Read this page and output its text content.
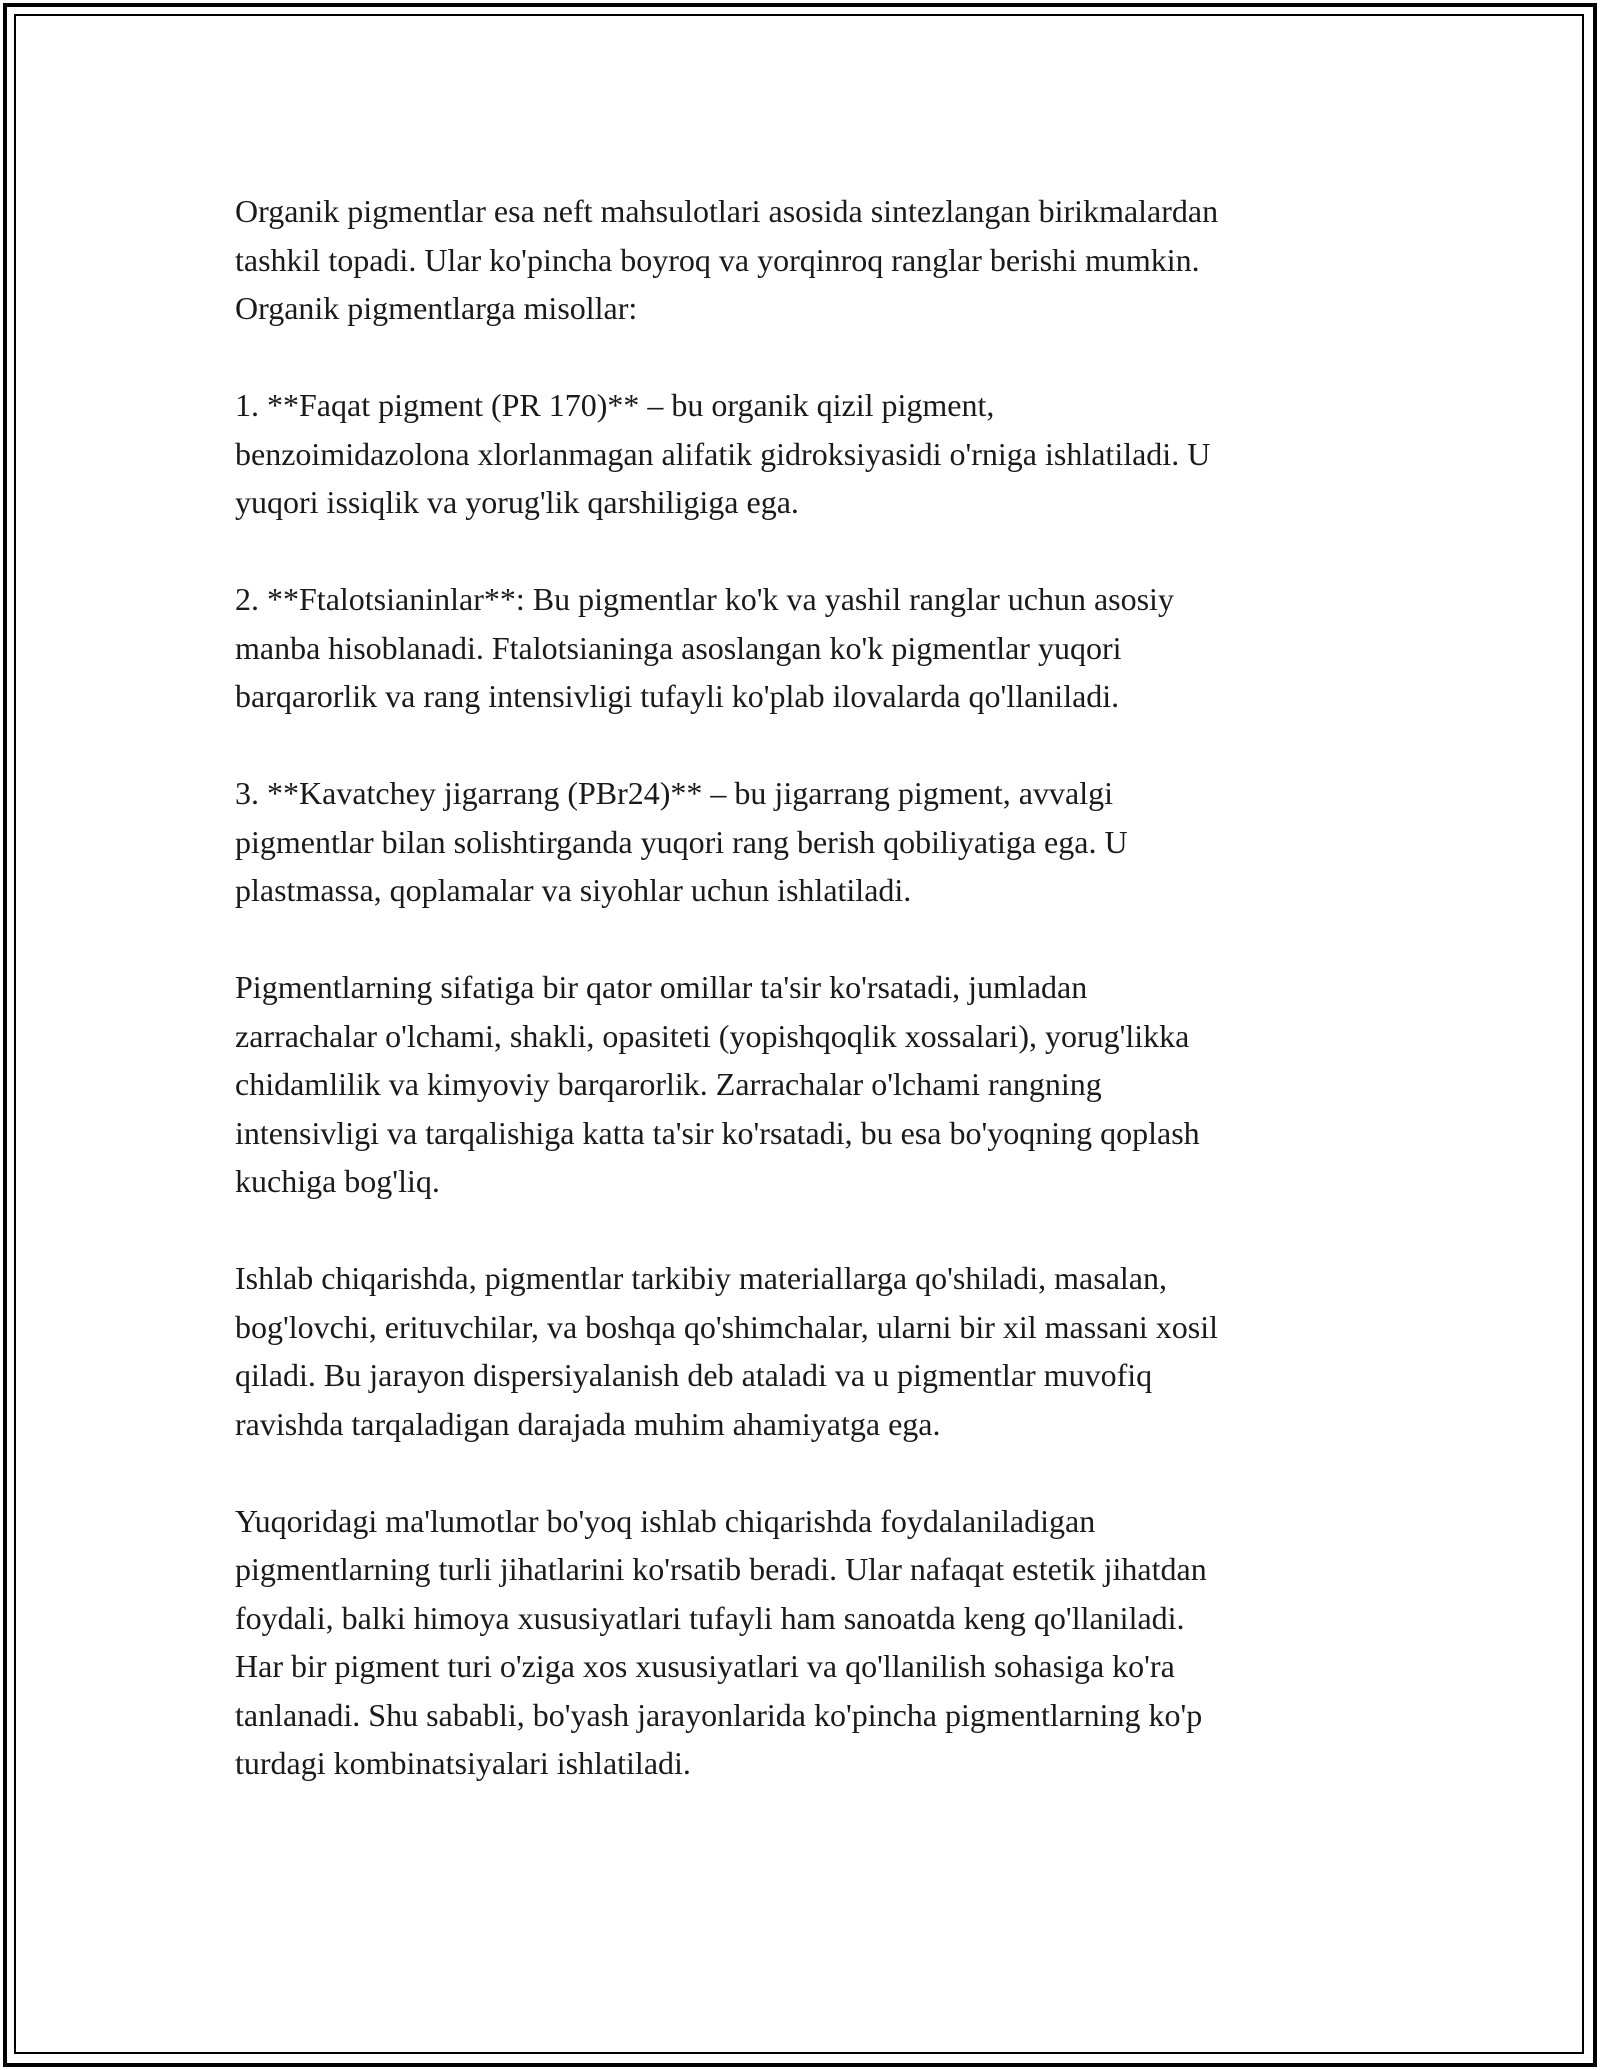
Organik pigmentlar esa neft mahsulotlari asosida sintezlangan birikmalardan
tashkil topadi. Ular ko'pincha boyroq va yorqinroq ranglar berishi mumkin.
Organik pigmentlarga misollar:

1. **Faqat pigment (PR 170)** – bu organik qizil pigment,
benzoimidazolona xlorlanmagan alifatik gidroksiyasidi o'rniga ishlatiladi. U
yuqori issiqlik va yorug'lik qarshiligiga ega.

2. **Ftalotsianinlar**: Bu pigmentlar ko'k va yashil ranglar uchun asosiy
manba hisoblanadi. Ftalotsianinga asoslangan ko'k pigmentlar yuqori
barqarorlik va rang intensivligi tufayli ko'plab ilovalarda qo'llaniladi.

3. **Kavatchey jigarrang (PBr24)** – bu jigarrang pigment, avvalgi
pigmentlar bilan solishtirganda yuqori rang berish qobiliyatiga ega. U
plastmassa, qoplamalar va siyohlar uchun ishlatiladi.

Pigmentlarning sifatiga bir qator omillar ta'sir ko'rsatadi, jumladan
zarrachalar o'lchami, shakli, opasiteti (yopishqoqlik xossalari), yorug'likka
chidamlilik va kimyoviy barqarorlik. Zarrachalar o'lchami rangning
intensivligi va tarqalishiga katta ta'sir ko'rsatadi, bu esa bo'yoqning qoplash
kuchiga bog'liq.

Ishlab chiqarishda, pigmentlar tarkibiy materiallarga qo'shiladi, masalan,
bog'lovchi, erituvchilar, va boshqa qo'shimchalar, ularni bir xil massani xosil
qiladi. Bu jarayon dispersiyalanish deb ataladi va u pigmentlar muvofiq
ravishda tarqaladigan darajada muhim ahamiyatga ega.

Yuqoridagi ma'lumotlar bo'yoq ishlab chiqarishda foydalaniladigan
pigmentlarning turli jihatlarini ko'rsatib beradi. Ular nafaqat estetik jihatdan
foydali, balki himoya xususiyatlari tufayli ham sanoatda keng qo'llaniladi.
Har bir pigment turi o'ziga xos xususiyatlari va qo'llanilish sohasiga ko'ra
tanlanadi. Shu sababli, bo'yash jarayonlarida ko'pincha pigmentlarning ko'p
turdagi kombinatsiyalari ishlatiladi.
